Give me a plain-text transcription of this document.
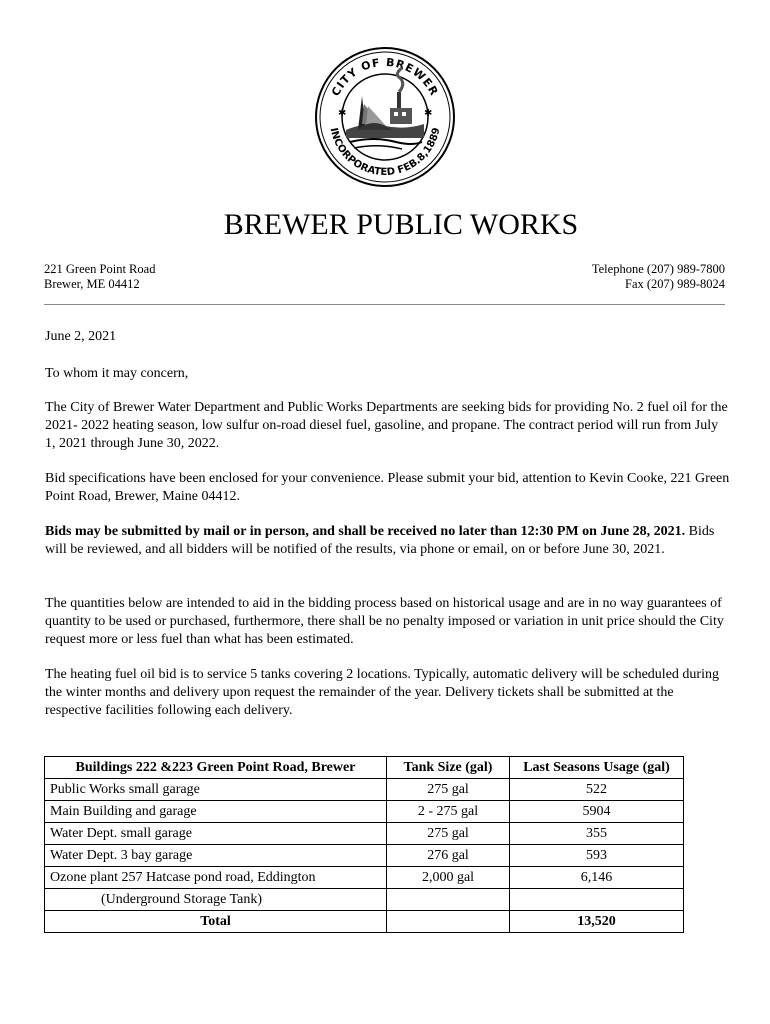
CITY OF BREWER
INCORPORATED FEB.8,1889
✱	✱
BREWER PUBLIC WORKS
221 Green Point Road
Brewer, ME 04412
Telephone (207) 989-7800
Fax (207) 989-8024
June 2, 2021
To whom it may concern,
The City of Brewer Water Department and Public Works Departments are seeking bids for providing No. 2 fuel oil for the 2021- 2022 heating season, low sulfur on-road diesel fuel, gasoline, and propane. The contract period will run from July 1, 2021 through June 30, 2022.
Bid specifications have been enclosed for your convenience. Please submit your bid, attention to Kevin Cooke, 221 Green Point Road, Brewer, Maine 04412.
Bids may be submitted by mail or in person, and shall be received no later than 12:30 PM on June 28, 2021. Bids will be reviewed, and all bidders will be notified of the results, via phone or email, on or before June 30, 2021.
The quantities below are intended to aid in the bidding process based on historical usage and are in no way guarantees of quantity to be used or purchased, furthermore, there shall be no penalty imposed or variation in unit price should the City request more or less fuel than what has been estimated.
The heating fuel oil bid is to service 5 tanks covering 2 locations. Typically, automatic delivery will be scheduled during the winter months and delivery upon request the remainder of the year. Delivery tickets shall be submitted at the respective facilities following each delivery.
Buildings 222 &223 Green Point Road, Brewer	Tank Size (gal)	Last Seasons Usage (gal)
Public Works small garage	275 gal	522
Main Building and garage	2 - 275 gal	5904
Water Dept. small garage	275 gal	355
Water Dept. 3 bay garage	276 gal	593
Ozone plant 257 Hatcase pond road, Eddington	2,000 gal	6,146
(Underground Storage Tank)		
Total		13,520
